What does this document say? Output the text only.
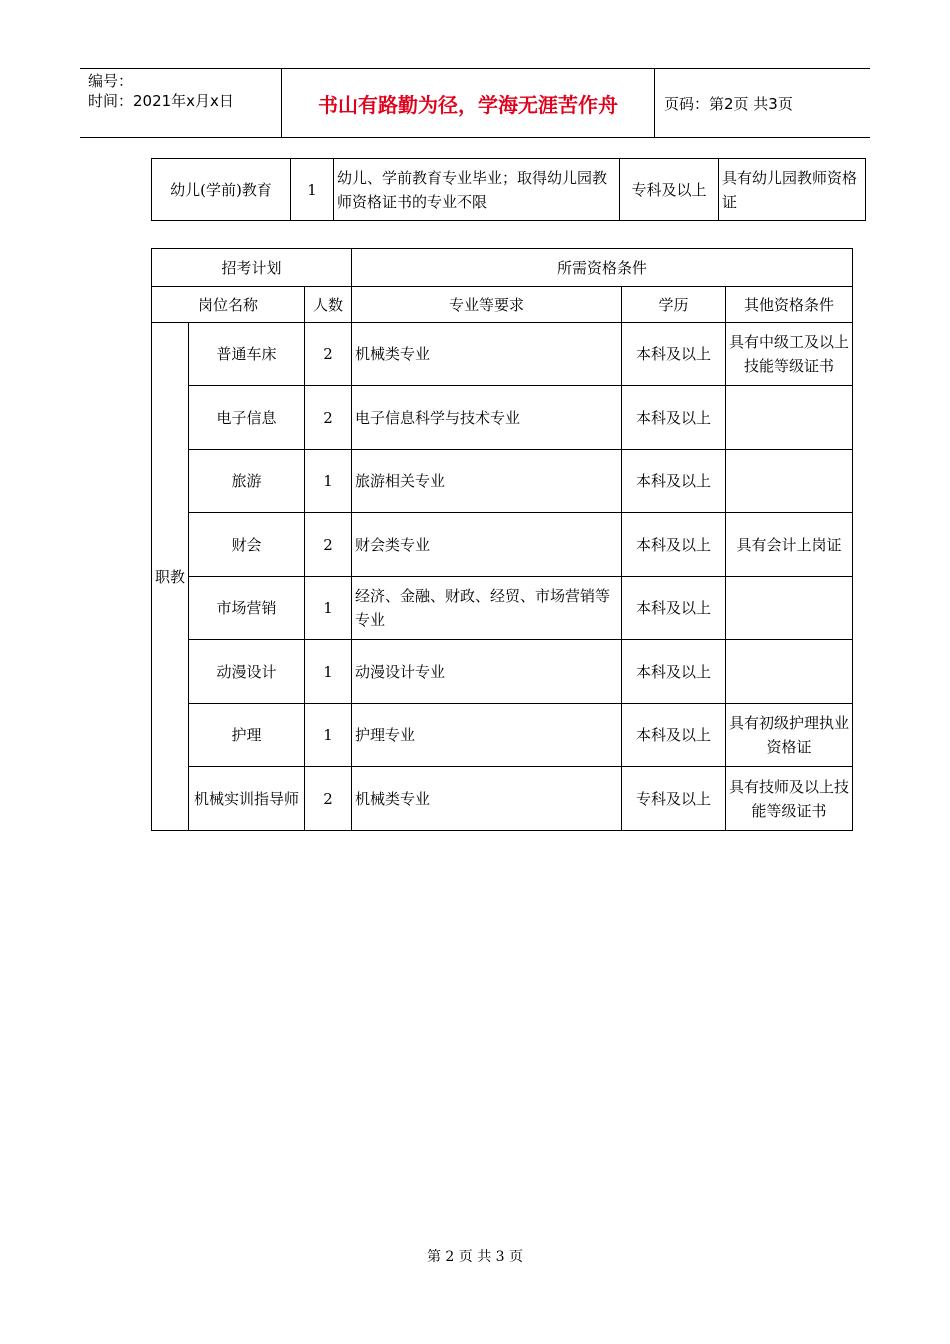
编号：
时间：2021年x月x日	书山有路勤为径，学海无涯苦作舟	页码：第2页 共3页
幼儿(学前)教育	1	幼儿、学前教育专业毕业；取得幼儿园教师资格证书的专业不限	专科及以上	具有幼儿园教师资格证
招考计划			所需资格条件		
岗位名称		人数	专业等要求	学历	其他资格条件
职教	普通车床	2	机械类专业	本科及以上	具有中级工及以上技能等级证书
	电子信息	2	电子信息科学与技术专业	本科及以上	
	旅游	1	旅游相关专业	本科及以上	
	财会	2	财会类专业	本科及以上	具有会计上岗证
	市场营销	1	经济、金融、财政、经贸、市场营销等专业	本科及以上	
	动漫设计	1	动漫设计专业	本科及以上	
	护理	1	护理专业	本科及以上	具有初级护理执业资格证
	机械实训指导师	2	机械类专业	专科及以上	具有技师及以上技能等级证书
第 2 页 共 3 页
